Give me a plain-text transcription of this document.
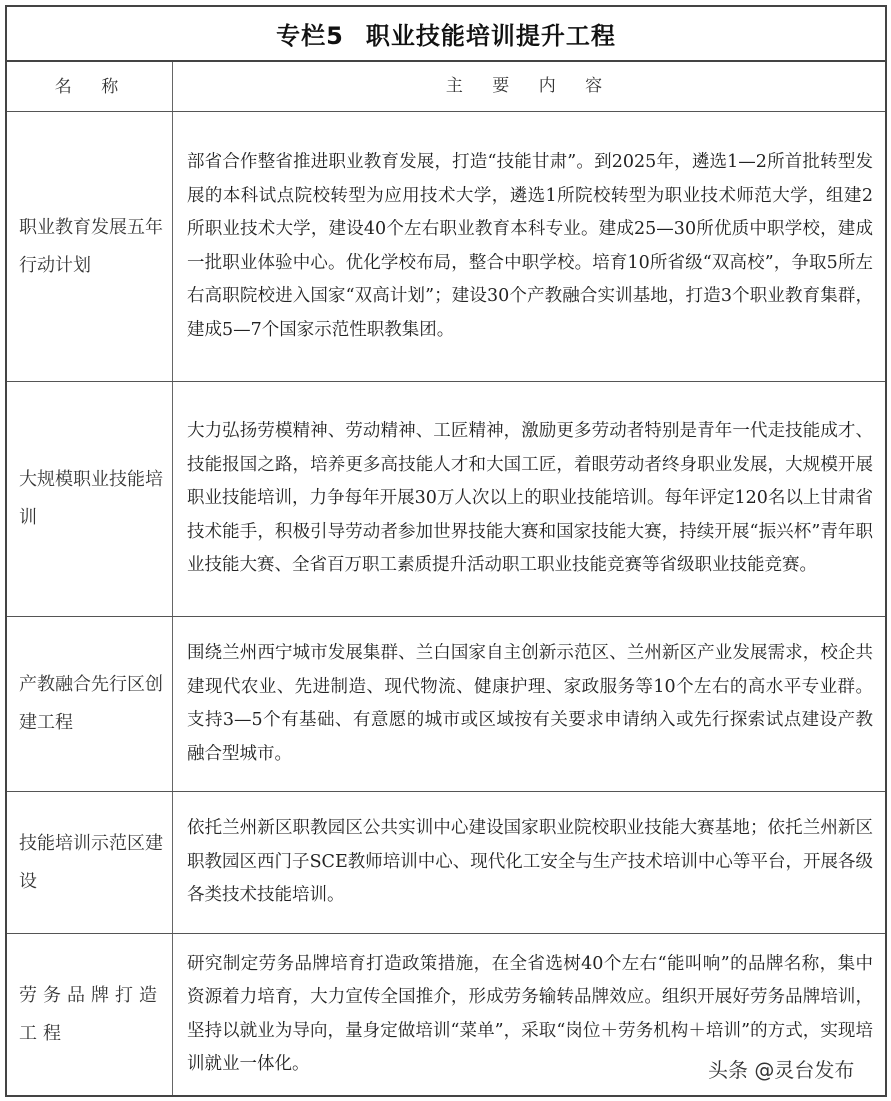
专栏5 职业技能培训提升工程
名 称	主 要 内 容
职业教育发展五年行动计划
部省合作整省推进职业教育发展，打造“技能甘肃”。到2025年，遴选1—2所首批转型发展的本科试点院校转型为应用技术大学，遴选1所院校转型为职业技术师范大学，组建2所职业技术大学，建设40个左右职业教育本科专业。建成25—30所优质中职学校，建成一批职业体验中心。优化学校布局，整合中职学校。培育10所省级“双高校”，争取5所左右高职院校进入国家“双高计划”；建设30个产教融合实训基地，打造3个职业教育集群，建成5—7个国家示范性职教集团。
大规模职业技能培训
大力弘扬劳模精神、劳动精神、工匠精神，激励更多劳动者特别是青年一代走技能成才、技能报国之路，培养更多高技能人才和大国工匠，着眼劳动者终身职业发展，大规模开展职业技能培训，力争每年开展30万人次以上的职业技能培训。每年评定120名以上甘肃省技术能手，积极引导劳动者参加世界技能大赛和国家技能大赛，持续开展“振兴杯”青年职业技能大赛、全省百万职工素质提升活动职工职业技能竞赛等省级职业技能竞赛。
产教融合先行区创建工程
围绕兰州西宁城市发展集群、兰白国家自主创新示范区、兰州新区产业发展需求，校企共建现代农业、先进制造、现代物流、健康护理、家政服务等10个左右的高水平专业群。支持3—5个有基础、有意愿的城市或区域按有关要求申请纳入或先行探索试点建设产教融合型城市。
技能培训示范区建设
依托兰州新区职教园区公共实训中心建设国家职业院校职业技能大赛基地；依托兰州新区职教园区西门子SCE教师培训中心、现代化工安全与生产技术培训中心等平台，开展各级各类技术技能培训。
劳务品牌打造工程
研究制定劳务品牌培育打造政策措施，在全省选树40个左右“能叫响”的品牌名称，集中资源着力培育，大力宣传全国推介，形成劳务输转品牌效应。组织开展好劳务品牌培训，坚持以就业为导向，量身定做培训“菜单”，采取“岗位＋劳务机构＋培训”的方式，实现培训就业一体化。	头条 @灵台发布
